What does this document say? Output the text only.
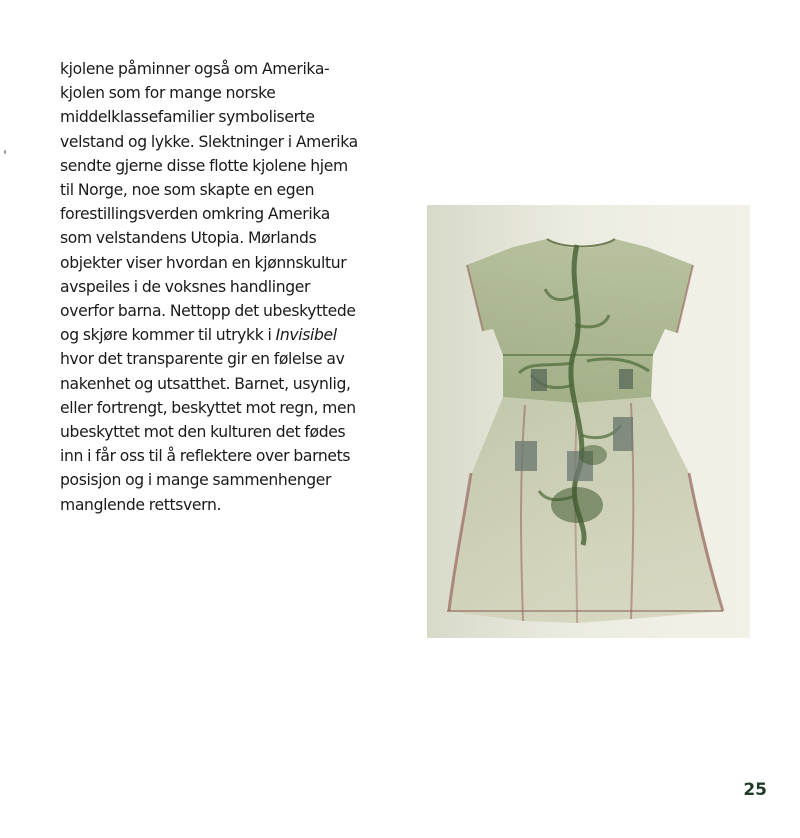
kjolene påminner også om Amerika-
kjolen som for mange norske
middelklassefamilier symboliserte
velstand og lykke. Slektninger i Amerika
sendte gjerne disse flotte kjolene hjem
til Norge, noe som skapte en egen
forestillingsverden omkring Amerika
som velstandens Utopia. Mørlands
objekter viser hvordan en kjønnskultur
avspeiles i de voksnes handlinger
overfor barna. Nettopp det ubeskyttede
og skjøre kommer til utrykk i Invisibel
hvor det transparente gir en følelse av
nakenhet og utsatthet. Barnet, usynlig,
eller fortrengt, beskyttet mot regn, men
ubeskyttet mot den kulturen det fødes
inn i får oss til å reflektere over barnets
posisjon og i mange sammenhenger
manglende rettsvern.
25
